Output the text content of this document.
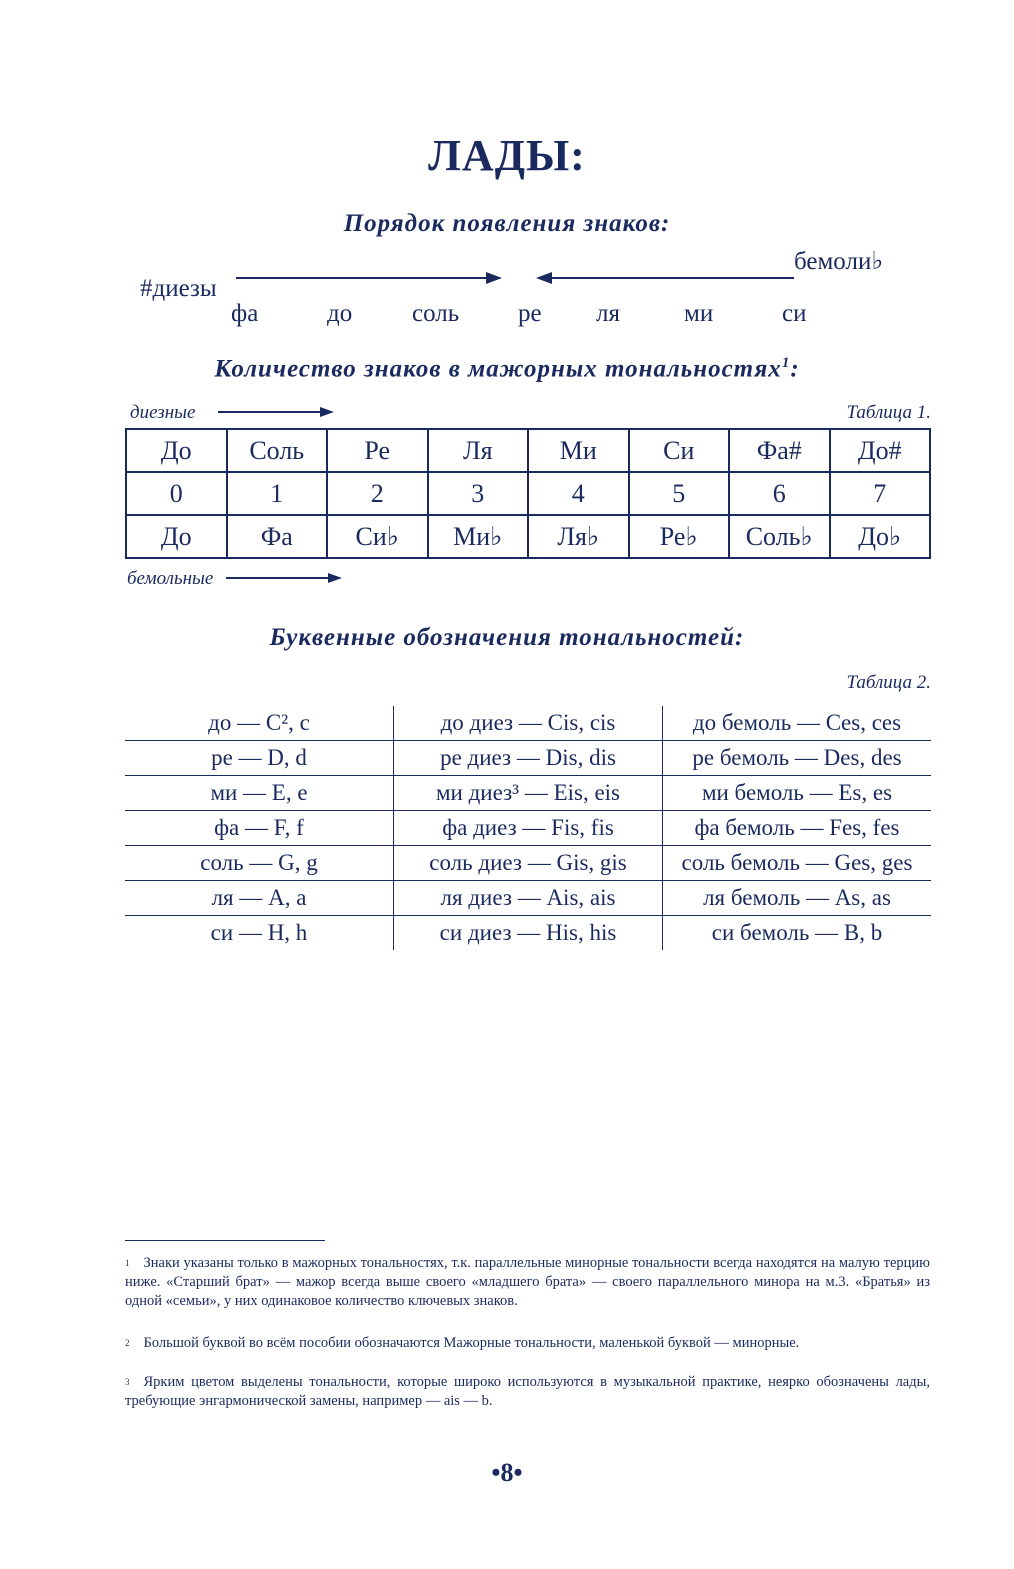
ЛАДЫ:
Порядок появления знаков:
#диезы
бемоли♭
фа	до соль ре ля	ми	си
Количество знаков в мажорных тональностях$^1$:
диезные	Таблица 1.
До	Соль	Ре	Ля	Ми	Си	Фа#	До#
0	1	2	3	4	5	6	7
До	Фа	Си♭	Ми♭	Ля♭	Ре♭	Соль♭	До♭
бемольные
Буквенные обозначения тональностей:
Таблица 2.
до — C², c	до диез — Cis, cis	до бемоль — Ces, ces
ре — D, d	ре диез — Dis, dis	ре бемоль — Des, des
ми — E, e	ми диез³ — Eis, eis	ми бемоль — Es, es
фа — F, f	фа диез — Fis, fis	фа бемоль — Fes, fes
соль — G, g	соль диез — Gis, gis	соль бемоль — Ges, ges
ля — A, a	ля диез — Ais, ais	ля бемоль — As, as
си — H, h	си диез — His, his	си бемоль — B, b
$^1$ Знаки указаны только в мажорных тональностях, т.к. параллельные минорные тональности всегда находятся на малую терцию ниже. «Старший брат» — мажор всегда выше своего «младшего брата» — своего параллельного минора на м.3. «Братья» из одной «семьи», у них одинаковое количество ключевых знаков.
$^2$ Большой буквой во всём пособии обозначаются Мажорные тональности, маленькой буквой — минорные.
$^3$ Ярким цветом выделены тональности, которые широко используются в музыкальной практике, неярко обозначены лады, требующие энгармонической замены, например — ais — b.
•8•
